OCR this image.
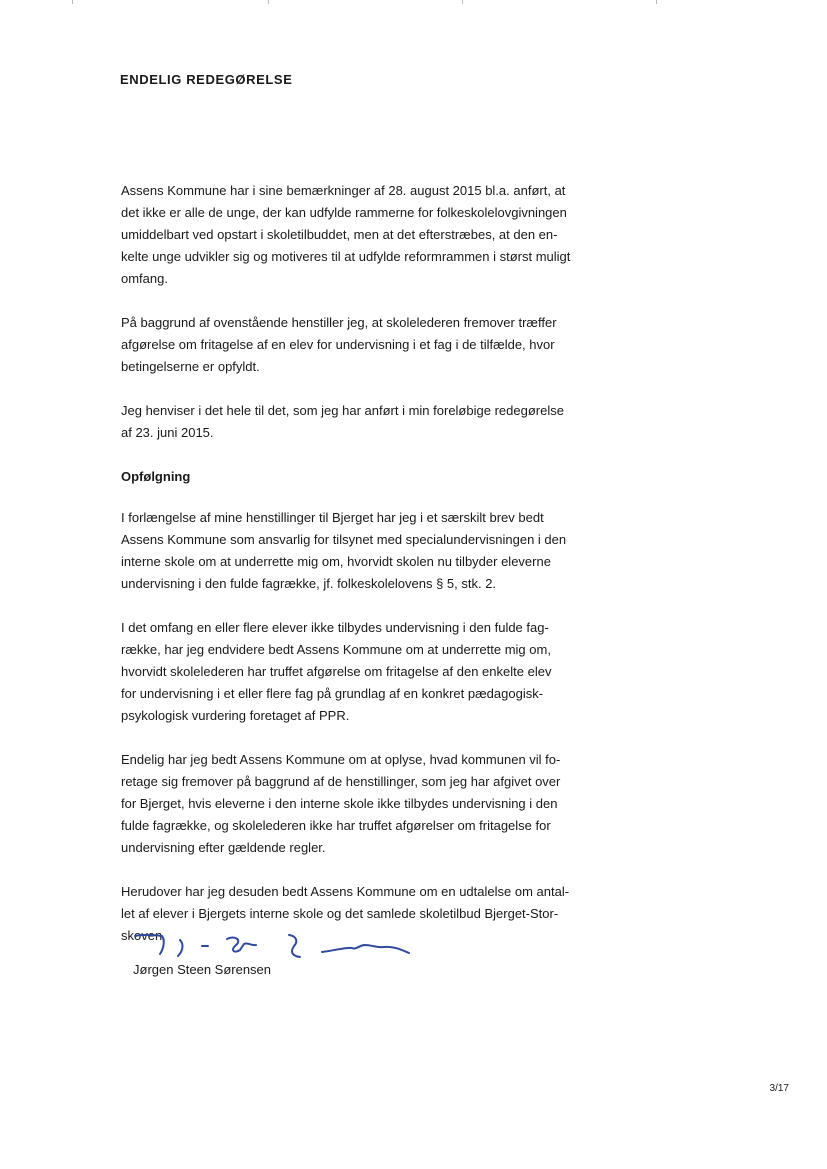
ENDELIG REDEGØRELSE

Assens Kommune har i sine bemærkninger af 28. august 2015 bl.a. anført, at
det ikke er alle de unge, der kan udfylde rammerne for folkeskolelovgivningen
umiddelbart ved opstart i skoletilbuddet, men at det efterstræbes, at den en-
kelte unge udvikler sig og motiveres til at udfylde reformrammen i størst muligt
omfang.

På baggrund af ovenstående henstiller jeg, at skolelederen fremover træffer
afgørelse om fritagelse af en elev for undervisning i et fag i de tilfælde, hvor
betingelserne er opfyldt.

Jeg henviser i det hele til det, som jeg har anført i min foreløbige redegørelse
af 23. juni 2015.

Opfølgning

I forlængelse af mine henstillinger til Bjerget har jeg i et særskilt brev bedt
Assens Kommune som ansvarlig for tilsynet med specialundervisningen i den
interne skole om at underrette mig om, hvorvidt skolen nu tilbyder eleverne
undervisning i den fulde fagrække, jf. folkeskolelovens § 5, stk. 2.

I det omfang en eller flere elever ikke tilbydes undervisning i den fulde fag-
række, har jeg endvidere bedt Assens Kommune om at underrette mig om,
hvorvidt skolelederen har truffet afgørelse om fritagelse af den enkelte elev
for undervisning i et eller flere fag på grundlag af en konkret pædagogisk-
psykologisk vurdering foretaget af PPR.

Endelig har jeg bedt Assens Kommune om at oplyse, hvad kommunen vil fo-
retage sig fremover på baggrund af de henstillinger, som jeg har afgivet over
for Bjerget, hvis eleverne i den interne skole ikke tilbydes undervisning i den
fulde fagrække, og skolelederen ikke har truffet afgørelser om fritagelse for
undervisning efter gældende regler.

Herudover har jeg desuden bedt Assens Kommune om en udtalelse om antal-
let af elever i Bjergets interne skole og det samlede skoletilbud Bjerget-Stor-
skoven.

Jørgen Steen Sørensen

3/17
